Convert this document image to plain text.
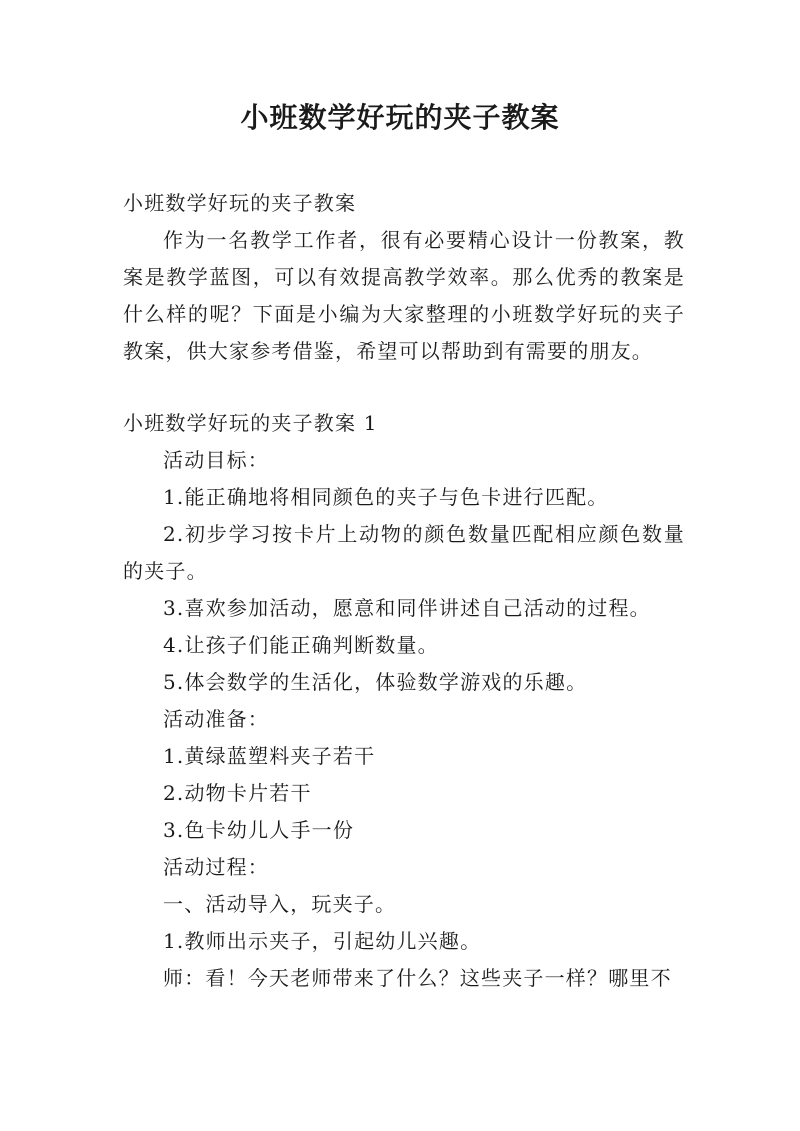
小班数学好玩的夹子教案

小班数学好玩的夹子教案

作为一名教学工作者，很有必要精心设计一份教案，教案是教学蓝图，可以有效提高教学效率。那么优秀的教案是什么样的呢？下面是小编为大家整理的小班数学好玩的夹子教案，供大家参考借鉴，希望可以帮助到有需要的朋友。

小班数学好玩的夹子教案 1

活动目标：

1.能正确地将相同颜色的夹子与色卡进行匹配。

2.初步学习按卡片上动物的颜色数量匹配相应颜色数量的夹子。

3.喜欢参加活动，愿意和同伴讲述自己活动的过程。

4.让孩子们能正确判断数量。

5.体会数学的生活化，体验数学游戏的乐趣。

活动准备：

1.黄绿蓝塑料夹子若干

2.动物卡片若干

3.色卡幼儿人手一份

活动过程：

一、活动导入，玩夹子。

1.教师出示夹子，引起幼儿兴趣。

师：看！今天老师带来了什么？这些夹子一样？哪里不
